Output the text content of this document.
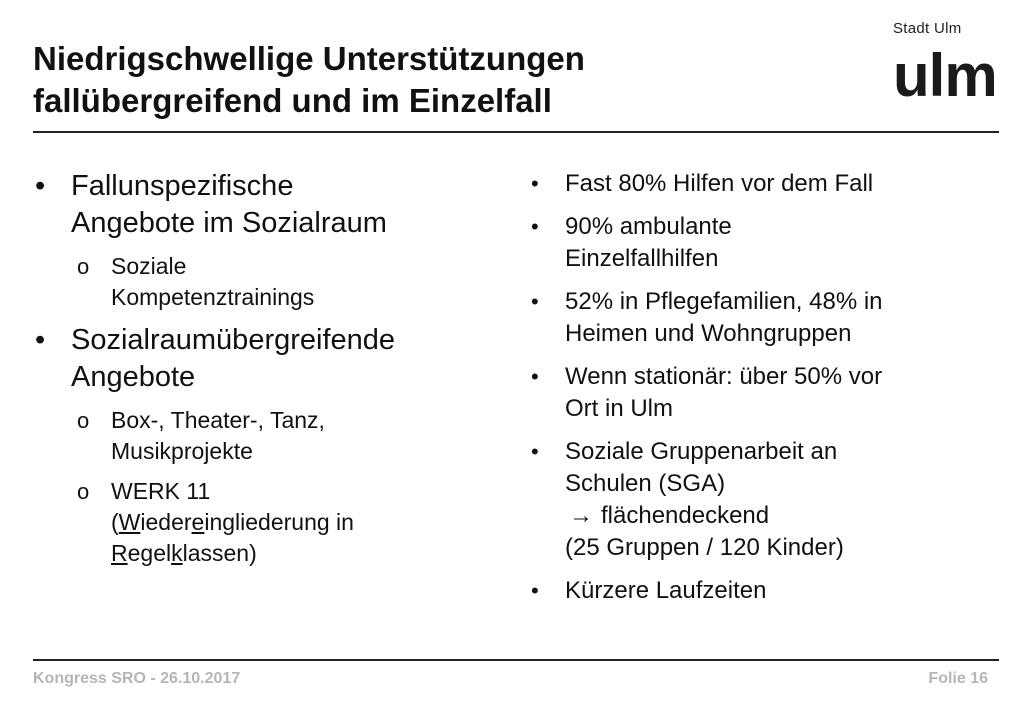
Niedrigschwellige Unterstützungen
fallübergreifend und im Einzelfall
Stadt Ulm
ulm
• Fallunspezifische
Angebote im Sozialraum
o Soziale
Kompetenztrainings
• Sozialraumübergreifende
Angebote
o Box-, Theater-, Tanz,
Musikprojekte
o WERK 11
(Wiedereingliederung in
Regelklassen)
• Fast 80% Hilfen vor dem Fall
• 90% ambulante
Einzelfallhilfen
• 52% in Pflegefamilien, 48% in
Heimen und Wohngruppen
• Wenn stationär: über 50% vor
Ort in Ulm
• Soziale Gruppenarbeit an
Schulen (SGA)
→ flächendeckend
(25 Gruppen / 120 Kinder)
• Kürzere Laufzeiten
Kongress SRO - 26.10.2017	Folie 16
